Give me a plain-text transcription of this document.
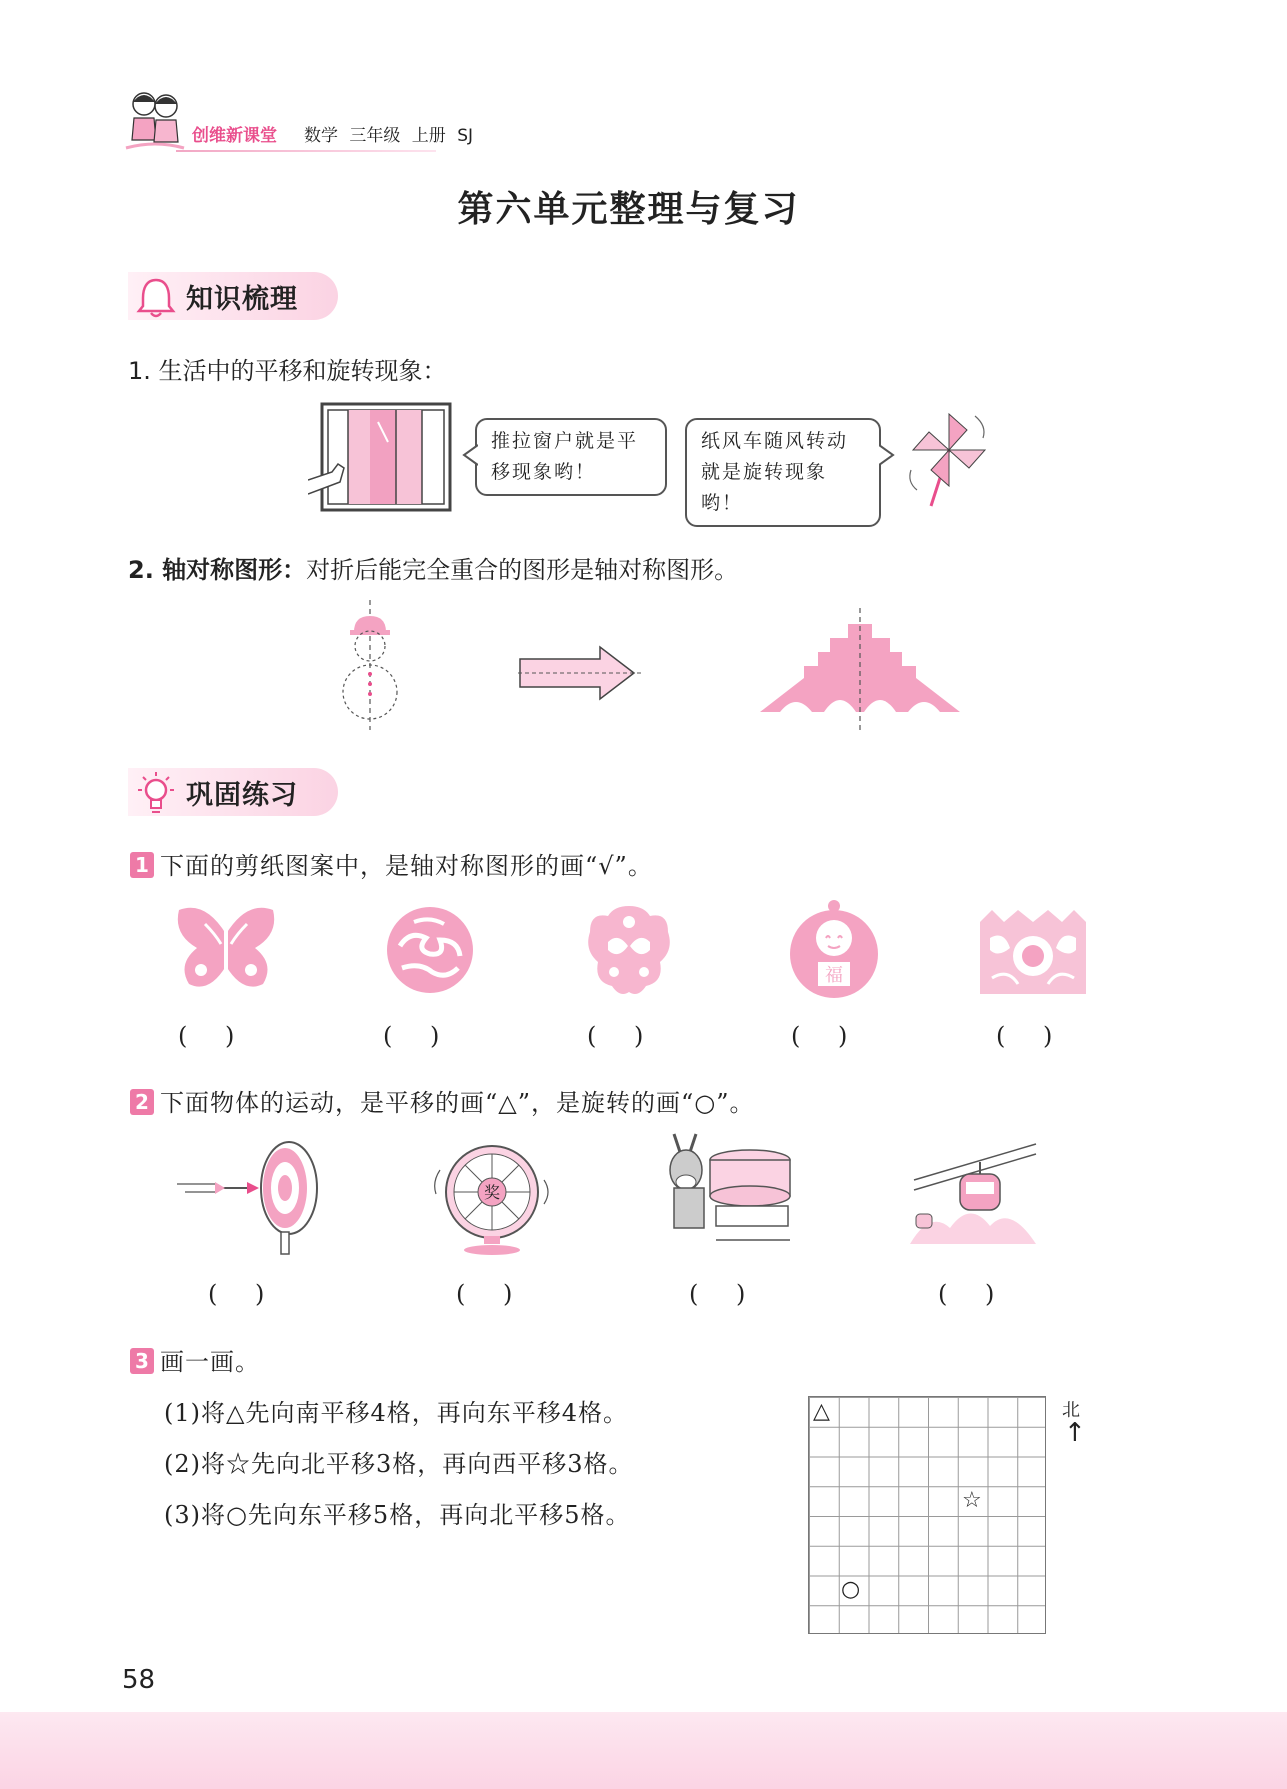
创维新课堂 数学 三年级 上册 SJ
第六单元整理与复习
知识梳理
1. 生活中的平移和旋转现象：
推拉窗户就是平
移现象哟！
纸风车随风转动
就是旋转现象哟！
2. 轴对称图形：对折后能完全重合的图形是轴对称图形。
巩固练习
1 下面的剪纸图案中，是轴对称图形的画“√”。
福
( )	( )	( )	( )	( )
2 下面物体的运动，是平移的画“△”，是旋转的画“○”。
奖
( )	( )	( )	( )
3 画一画。
(1)将△先向南平移4格，再向东平移4格。
(2)将☆先向北平移3格，再向西平移3格。
(3)将○先向东平移5格，再向北平移5格。
△
☆
○
北
↑
58
